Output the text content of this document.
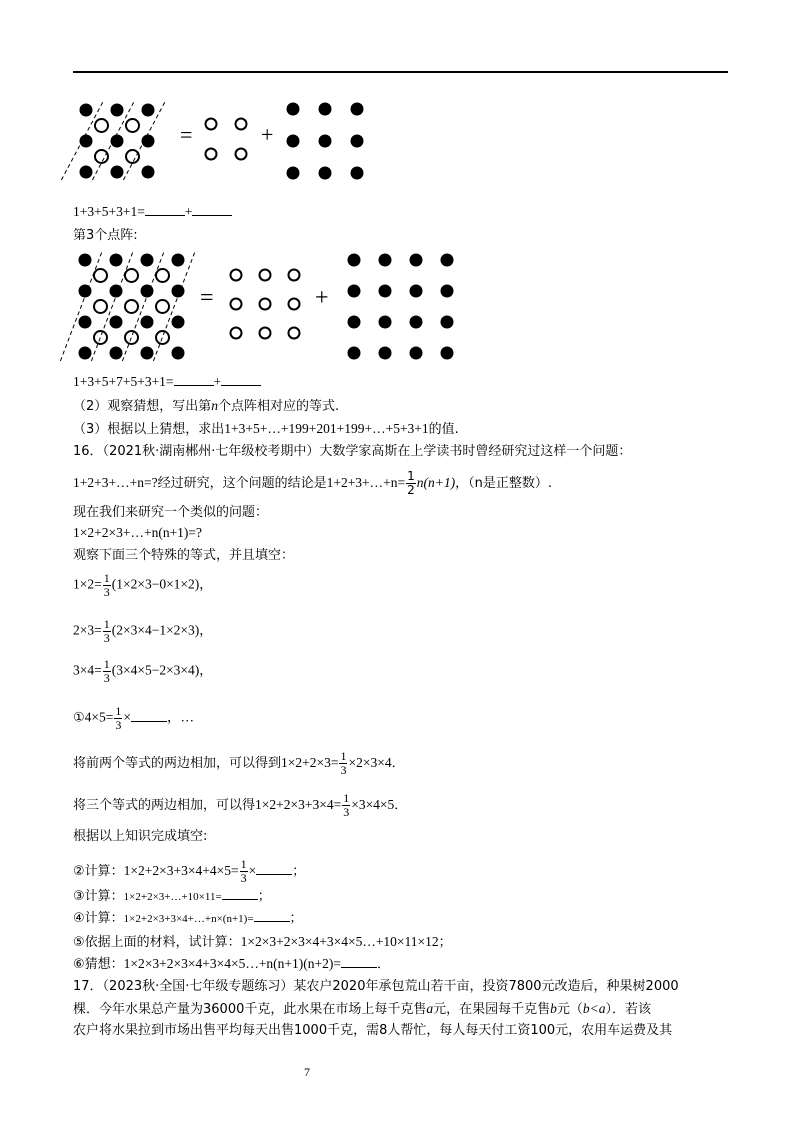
=	+
1+3+5+3+1=	+
第3个点阵:
=	+
1+3+5+7+5+3+1=	+
（2）观察猜想，写出第n个点阵相对应的等式.
（3）根据以上猜想，求出1+3+5+…+199+201+199+…+5+3+1的值.
16．（2021秋·湖南郴州·七年级校考期中）大数学家高斯在上学读书时曾经研究过这样一个问题：
1+2+3+…+n=?经过研究，这个问题的结论是1+2+3+…+n= $\frac{1}{2} n(n+1)$，（n是正整数）.
现在我们来研究一个类似的问题：
1×2+2×3+…+n(n+1)=?
观察下面三个特殊的等式，并且填空：
$1\times 2= \frac{1}{3} (1\times 2\times 3-0\times 1\times 2)$，
$2\times 3= \frac{1}{3} (2\times 3\times 4-1\times 2\times 3)$，
$3\times 4= \frac{1}{3} (3\times 4\times 5-2\times 3\times 4)$，
①4×5= $\frac{1}{3}$ ×	，…
将前两个等式的两边相加，可以得到$1\times 2+2\times 3= \frac{1}{3} \times 2\times 3\times 4$．
将三个等式的两边相加，可以得$1\times 2+2\times 3+3\times 4= \frac{1}{3} \times 3\times 4\times 5$．
根据以上知识完成填空:
②计算：$1\times 2+2\times 3+3\times 4+4\times 5= \frac{1}{3}$ ×	；
③计算：1×2+2×3+…+10×11=	；
④计算：1×2+2×3+3×4+…+n×(n+1)=	；
⑤依据上面的材料，试计算：1×2×3+2×3×4+3×4×5…+10×11×12；
⑥猜想：1×2×3+2×3×4+3×4×5…+n(n+1)(n+2)=	．
17．（2023秋·全国·七年级专题练习）某农户2020年承包荒山若干亩，投资7800元改造后，种果树2000
棵．今年水果总产量为36000千克，此水果在市场上每千克售a元，在果园每千克售b元（b<a）．若该
农户将水果拉到市场出售平均每天出售1000千克，需8人帮忙，每人每天付工资100元，农用车运费及其
7
